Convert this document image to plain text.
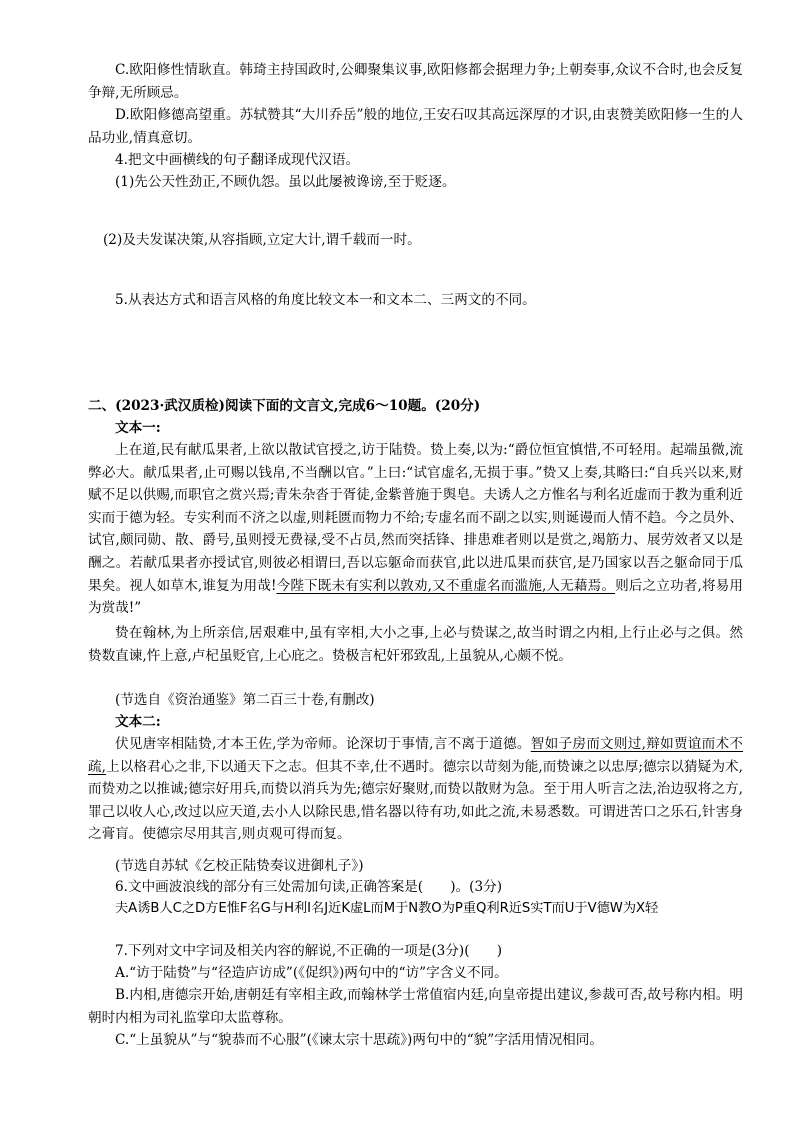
C.欧阳修性情耿直。韩琦主持国政时,公卿聚集议事,欧阳修都会据理力争;上朝奏事,众议不合时,也会反复争辩,无所顾忌。

D.欧阳修德高望重。苏轼赞其“大川乔岳”般的地位,王安石叹其高远深厚的才识,由衷赞美欧阳修一生的人品功业,情真意切。

4.把文中画横线的句子翻译成现代汉语。

(1)先公天性劲正,不顾仇怨。虽以此屡被谗谤,至于贬逐。

(2)及夫发谋决策,从容指顾,立定大计,谓千载而一时。

5.从表达方式和语言风格的角度比较文本一和文本二、三两文的不同。

二、(2023·武汉质检)阅读下面的文言文,完成6～10题。(20分)

文本一:

上在道,民有献瓜果者,上欲以散试官授之,访于陆贽。贽上奏,以为:“爵位恒宜慎惜,不可轻用。起端虽微,流弊必大。献瓜果者,止可赐以钱帛,不当酬以官。”上曰:“试官虚名,无损于事。”贽又上奏,其略曰:“自兵兴以来,财赋不足以供赐,而职官之赏兴焉;青朱杂沓于胥徒,金紫普施于舆皂。夫诱人之方惟名与利名近虚而于教为重利近实而于德为轻。专实利而不济之以虚,则耗匮而物力不给;专虚名而不副之以实,则诞谩而人情不趋。今之员外、试官,颇同勋、散、爵号,虽则授无费禄,受不占员,然而突括锋、排患难者则以是赏之,竭筋力、展劳效者又以是酬之。若献瓜果者亦授试官,则彼必相谓曰,吾以忘躯命而获官,此以进瓜果而获官,是乃国家以吾之躯命同于瓜果矣。视人如草木,谁复为用哉!今陛下既未有实利以敦劝,又不重虚名而滥施,人无藉焉。则后之立功者,将易用为赏哉!”

贽在翰林,为上所亲信,居艰难中,虽有宰相,大小之事,上必与贽谋之,故当时谓之内相,上行止必与之俱。然贽数直谏,忤上意,卢杞虽贬官,上心庇之。贽极言杞奸邪致乱,上虽貌从,心颇不悦。

(节选自《资治通鉴》第二百三十卷,有删改)

文本二:

伏见唐宰相陆贽,才本王佐,学为帝师。论深切于事情,言不离于道德。智如子房而文则过,辩如贾谊而术不疏,上以格君心之非,下以通天下之志。但其不幸,仕不遇时。德宗以苛刻为能,而贽谏之以忠厚;德宗以猜疑为术,而贽劝之以推诚;德宗好用兵,而贽以消兵为先;德宗好聚财,而贽以散财为急。至于用人听言之法,治边驭将之方,罪己以收人心,改过以应天道,去小人以除民患,惜名器以待有功,如此之流,未易悉数。可谓进苦口之乐石,针害身之膏肓。使德宗尽用其言,则贞观可得而复。

(节选自苏轼《乞校正陆贽奏议进御札子》)

6.文中画波浪线的部分有三处需加句读,正确答案是(　　)。(3分)

夫A诱B人C之D方E惟F名G与H利I名J近K虚L而M于N教O为P重Q利R近S实T而U于V德W为X轻

7.下列对文中字词及相关内容的解说,不正确的一项是(3分)(　　)

A.“访于陆贽”与“径造庐访成”(《促织》)两句中的“访”字含义不同。

B.内相,唐德宗开始,唐朝廷有宰相主政,而翰林学士常值宿内廷,向皇帝提出建议,参裁可否,故号称内相。明朝时内相为司礼监掌印太监尊称。

C.“上虽貌从”与“貌恭而不心服”(《谏太宗十思疏》)两句中的“貌”字活用情况相同。
